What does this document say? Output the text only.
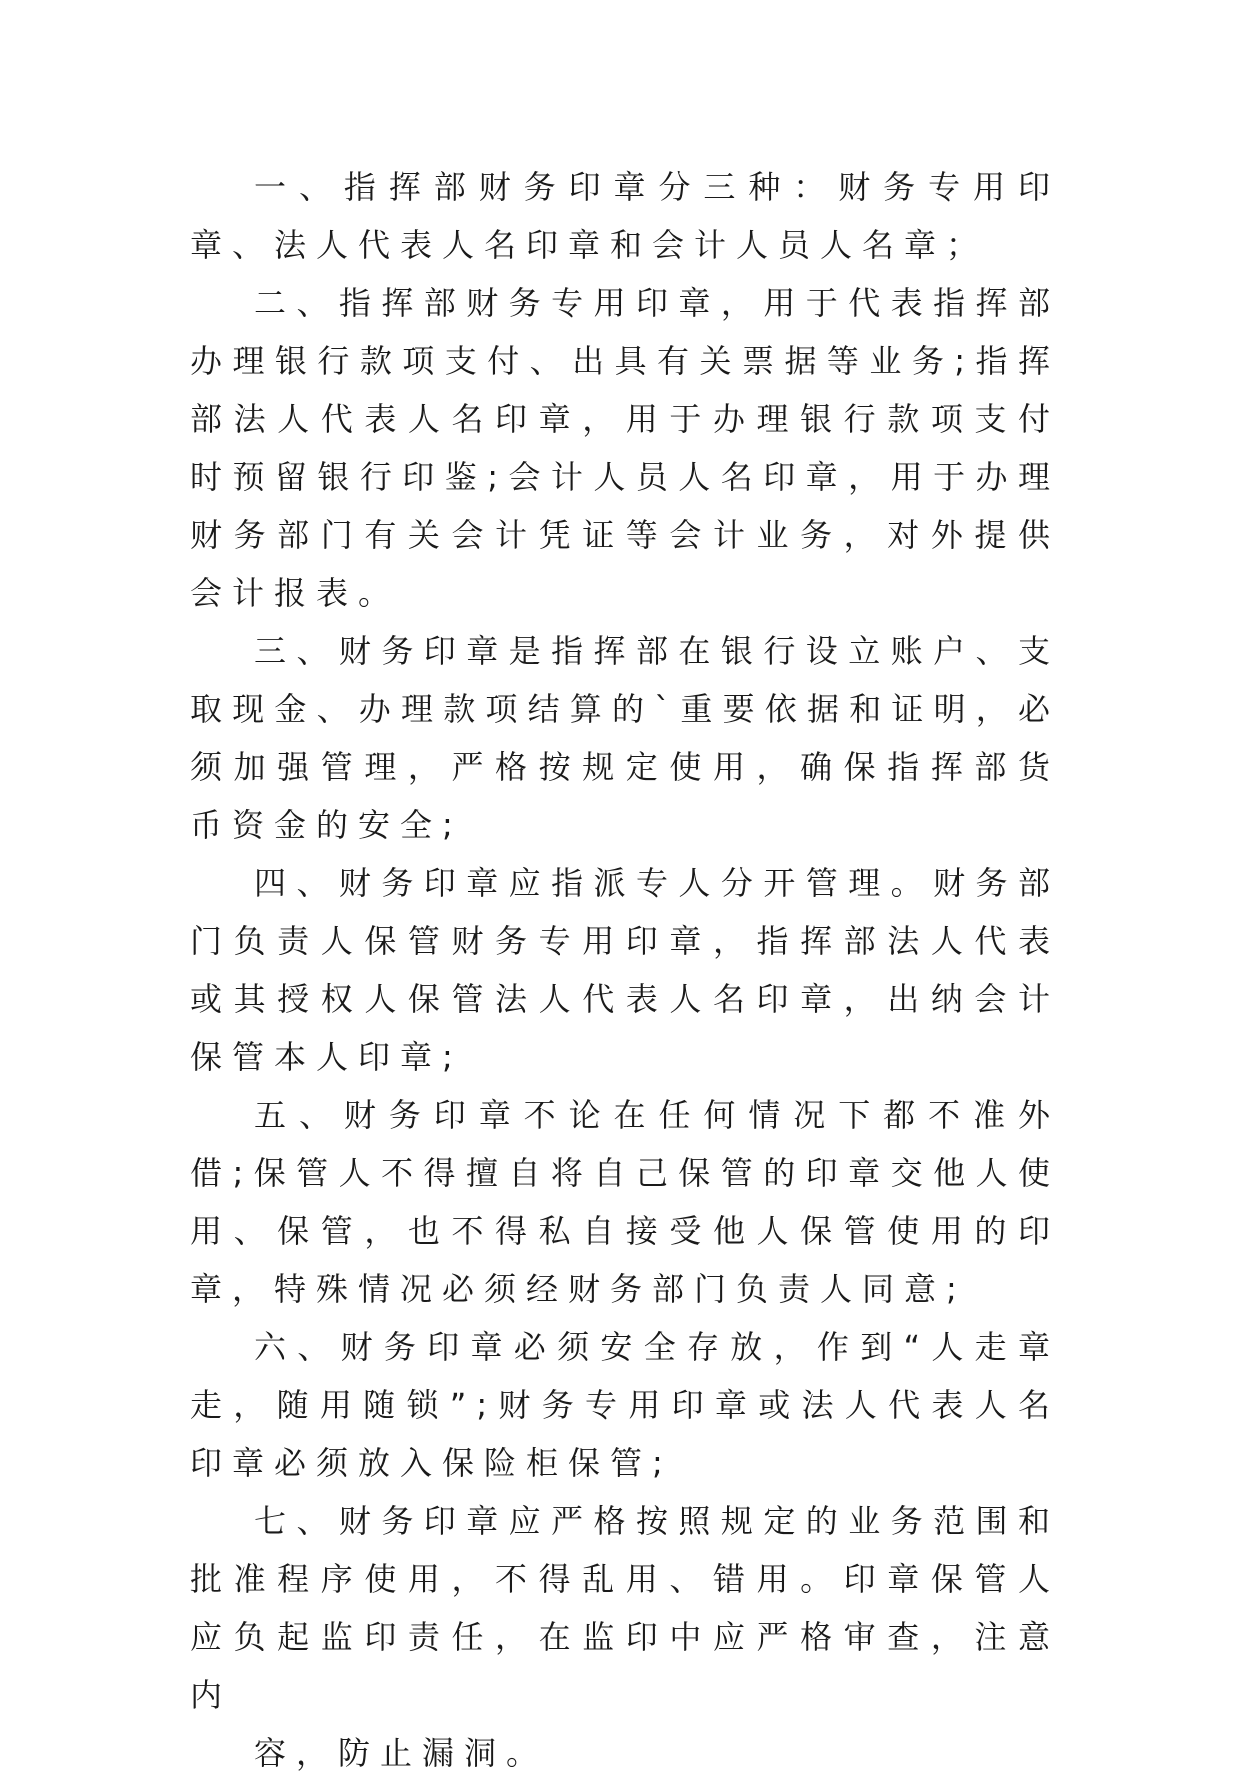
一、指挥部财务印章分三种：财务专用印章、法人代表人名印章和会计人员人名章；

二、指挥部财务专用印章，用于代表指挥部办理银行款项支付、出具有关票据等业务;指挥部法人代表人名印章，用于办理银行款项支付时预留银行印鉴;会计人员人名印章，用于办理财务部门有关会计凭证等会计业务，对外提供会计报表。

三、财务印章是指挥部在银行设立账户、支取现金、办理款项结算的`重要依据和证明，必须加强管理，严格按规定使用，确保指挥部货币资金的安全;

四、财务印章应指派专人分开管理。财务部门负责人保管财务专用印章，指挥部法人代表或其授权人保管法人代表人名印章，出纳会计保管本人印章;

五、财务印章不论在任何情况下都不准外借;保管人不得擅自将自己保管的印章交他人使用、保管，也不得私自接受他人保管使用的印章，特殊情况必须经财务部门负责人同意;

六、财务印章必须安全存放，作到“人走章走，随用随锁”;财务专用印章或法人代表人名印章必须放入保险柜保管;

七、财务印章应严格按照规定的业务范围和批准程序使用，不得乱用、错用。印章保管人应负起监印责任，在监印中应严格审查，注意内

容，防止漏洞。
